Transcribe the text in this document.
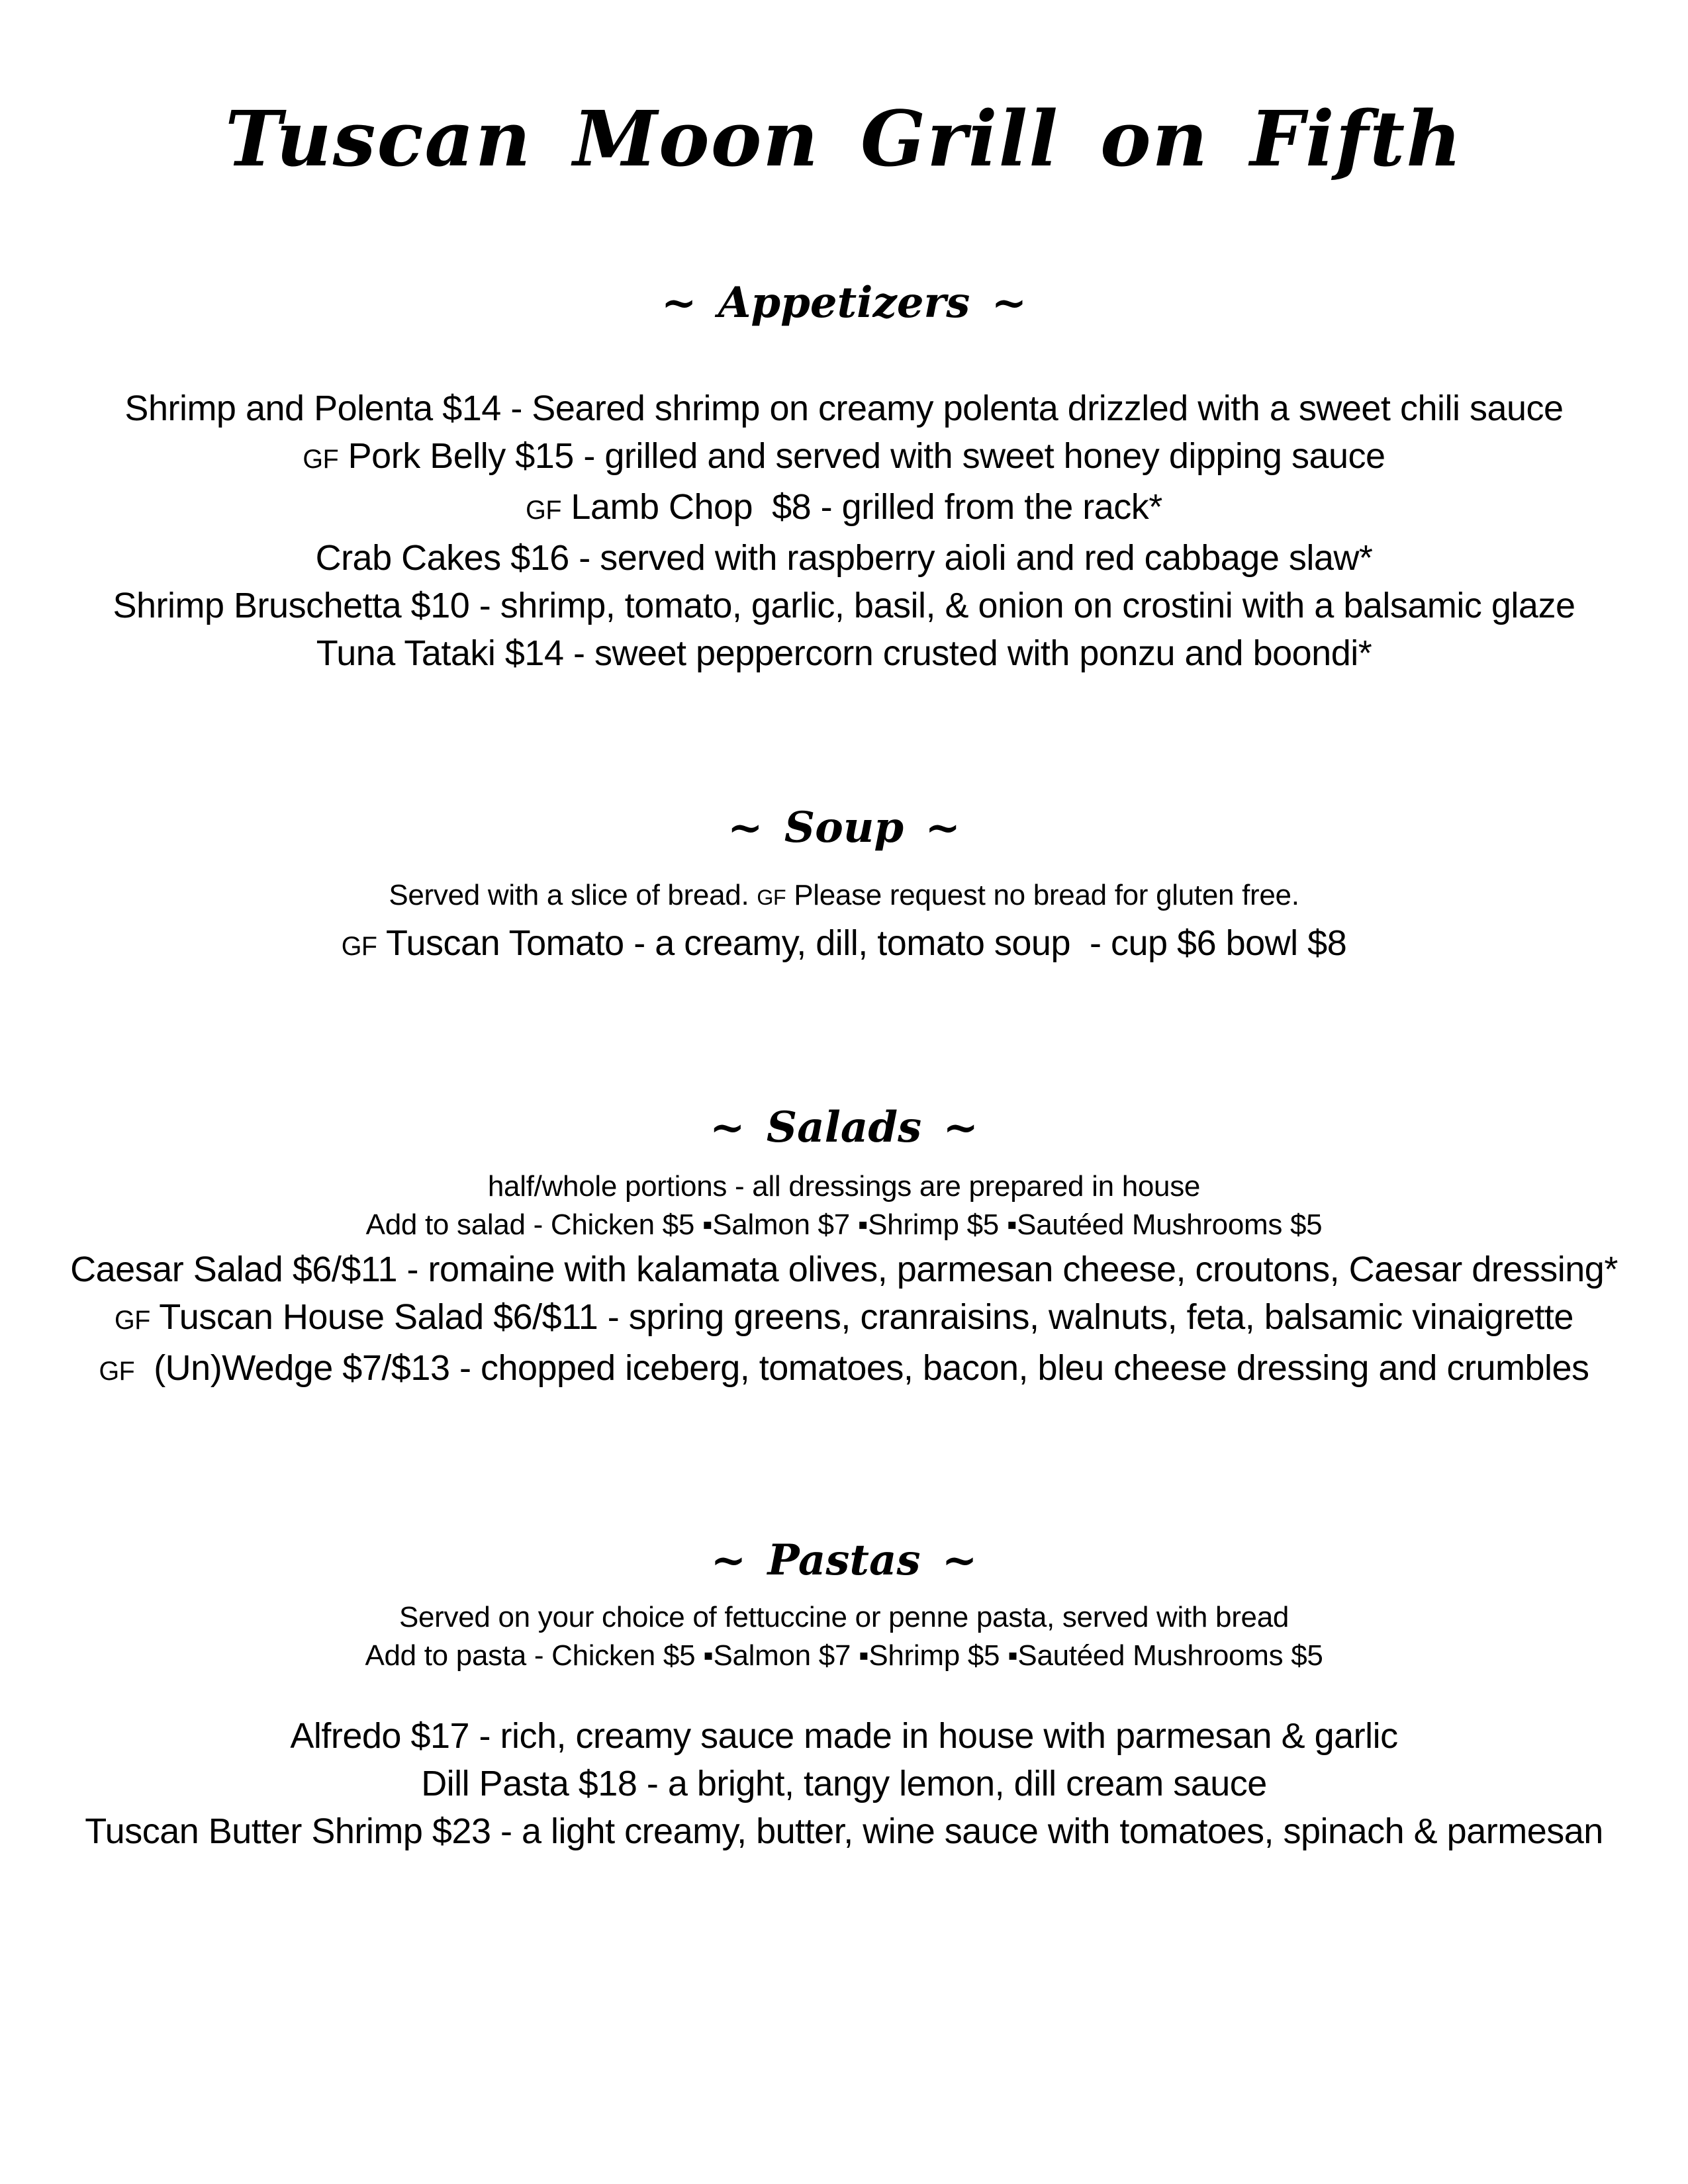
Tuscan Moon Grill on Fifth
~ Appetizers ~
Shrimp and Polenta $14 - Seared shrimp on creamy polenta drizzled with a sweet chili sauce
GF Pork Belly $15 - grilled and served with sweet honey dipping sauce
GF Lamb Chop  $8 - grilled from the rack*
Crab Cakes $16 - served with raspberry aioli and red cabbage slaw*
Shrimp Bruschetta $10 - shrimp, tomato, garlic, basil, & onion on crostini with a balsamic glaze
Tuna Tataki $14 - sweet peppercorn crusted with ponzu and boondi*
~ Soup ~
Served with a slice of bread. GF Please request no bread for gluten free.
GF Tuscan Tomato - a creamy, dill, tomato soup  - cup $6 bowl $8
~ Salads ~
half/whole portions - all dressings are prepared in house
Add to salad - Chicken $5 ▪Salmon $7 ▪Shrimp $5 ▪Sautéed Mushrooms $5
Caesar Salad $6/$11 - romaine with kalamata olives, parmesan cheese, croutons, Caesar dressing*
GF Tuscan House Salad $6/$11 - spring greens, cranraisins, walnuts, feta, balsamic vinaigrette
GF  (Un)Wedge $7/$13 - chopped iceberg, tomatoes, bacon, bleu cheese dressing and crumbles
~ Pastas ~
Served on your choice of fettuccine or penne pasta, served with bread
Add to pasta - Chicken $5 ▪Salmon $7 ▪Shrimp $5 ▪Sautéed Mushrooms $5
Alfredo $17 - rich, creamy sauce made in house with parmesan & garlic
Dill Pasta $18 - a bright, tangy lemon, dill cream sauce
Tuscan Butter Shrimp $23 - a light creamy, butter, wine sauce with tomatoes, spinach & parmesan
